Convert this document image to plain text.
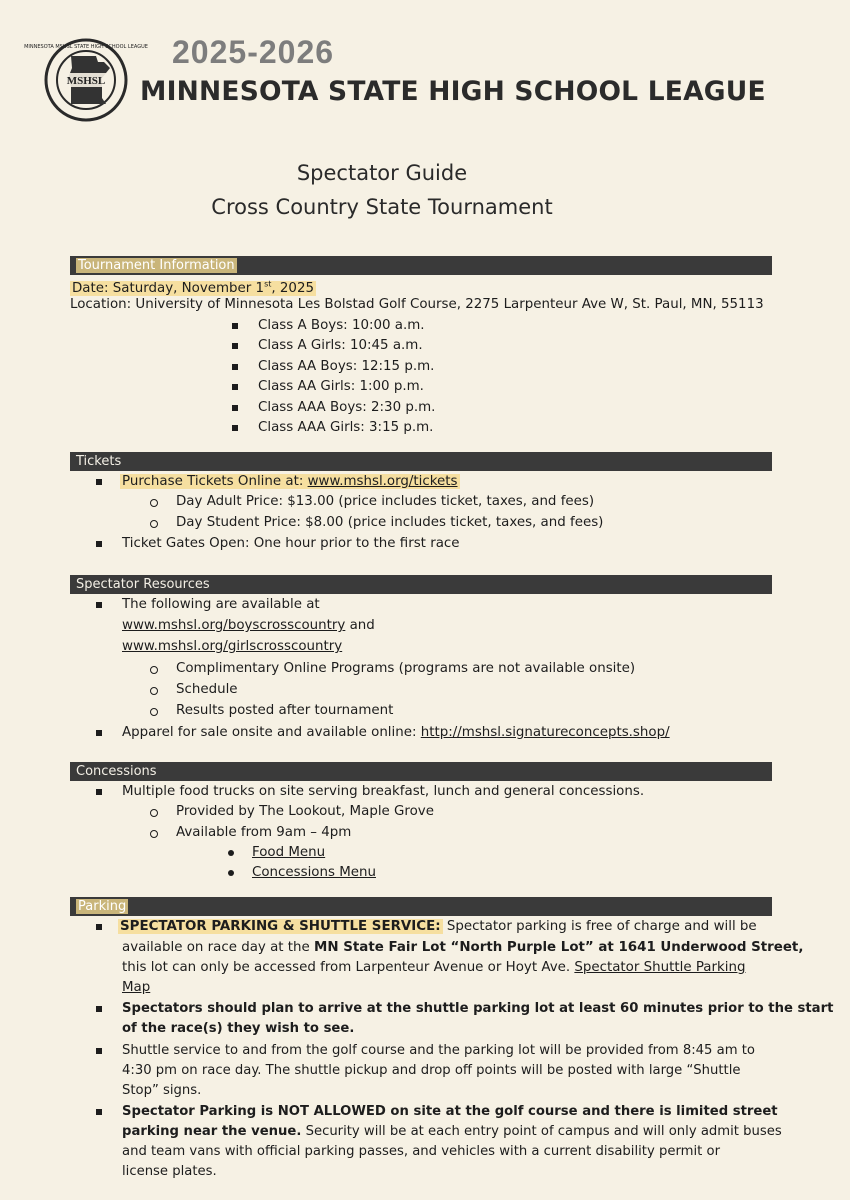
MSHSL
MINNESOTA MSHSL STATE HIGH SCHOOL LEAGUE 2025-2026
MINNESOTA STATE HIGH SCHOOL LEAGUE
Spectator Guide
Cross Country State Tournament
Tournament Information
Date: Saturday, November 1st, 2025
Location: University of Minnesota Les Bolstad Golf Course, 2275 Larpenteur Ave W, St. Paul, MN, 55113
Class A Boys: 10:00 a.m.
Class A Girls: 10:45 a.m.
Class AA Boys: 12:15 p.m.
Class AA Girls: 1:00 p.m.
Class AAA Boys: 2:30 p.m.
Class AAA Girls: 3:15 p.m.
Tickets
Purchase Tickets Online at: www.mshsl.org/tickets
Day Adult Price: $13.00 (price includes ticket, taxes, and fees)
Day Student Price: $8.00 (price includes ticket, taxes, and fees)
Ticket Gates Open: One hour prior to the first race
Spectator Resources
The following are available at
www.mshsl.org/boyscrosscountry and
www.mshsl.org/girlscrosscountry
Complimentary Online Programs (programs are not available onsite)
Schedule
Results posted after tournament
Apparel for sale onsite and available online: http://mshsl.signatureconcepts.shop/
Concessions
Multiple food trucks on site serving breakfast, lunch and general concessions.
Provided by The Lookout, Maple Grove
Available from 9am – 4pm
Food Menu
Concessions Menu
Parking
SPECTATOR PARKING & SHUTTLE SERVICE: Spectator parking is free of charge and will be
available on race day at the MN State Fair Lot “North Purple Lot” at 1641 Underwood Street,
this lot can only be accessed from Larpenteur Avenue or Hoyt Ave. Spectator Shuttle Parking
Map
Spectators should plan to arrive at the shuttle parking lot at least 60 minutes prior to the start
of the race(s) they wish to see.
Shuttle service to and from the golf course and the parking lot will be provided from 8:45 am to
4:30 pm on race day. The shuttle pickup and drop off points will be posted with large “Shuttle
Stop” signs.
Spectator Parking is NOT ALLOWED on site at the golf course and there is limited street
parking near the venue. Security will be at each entry point of campus and will only admit buses
and team vans with official parking passes, and vehicles with a current disability permit or
license plates.
